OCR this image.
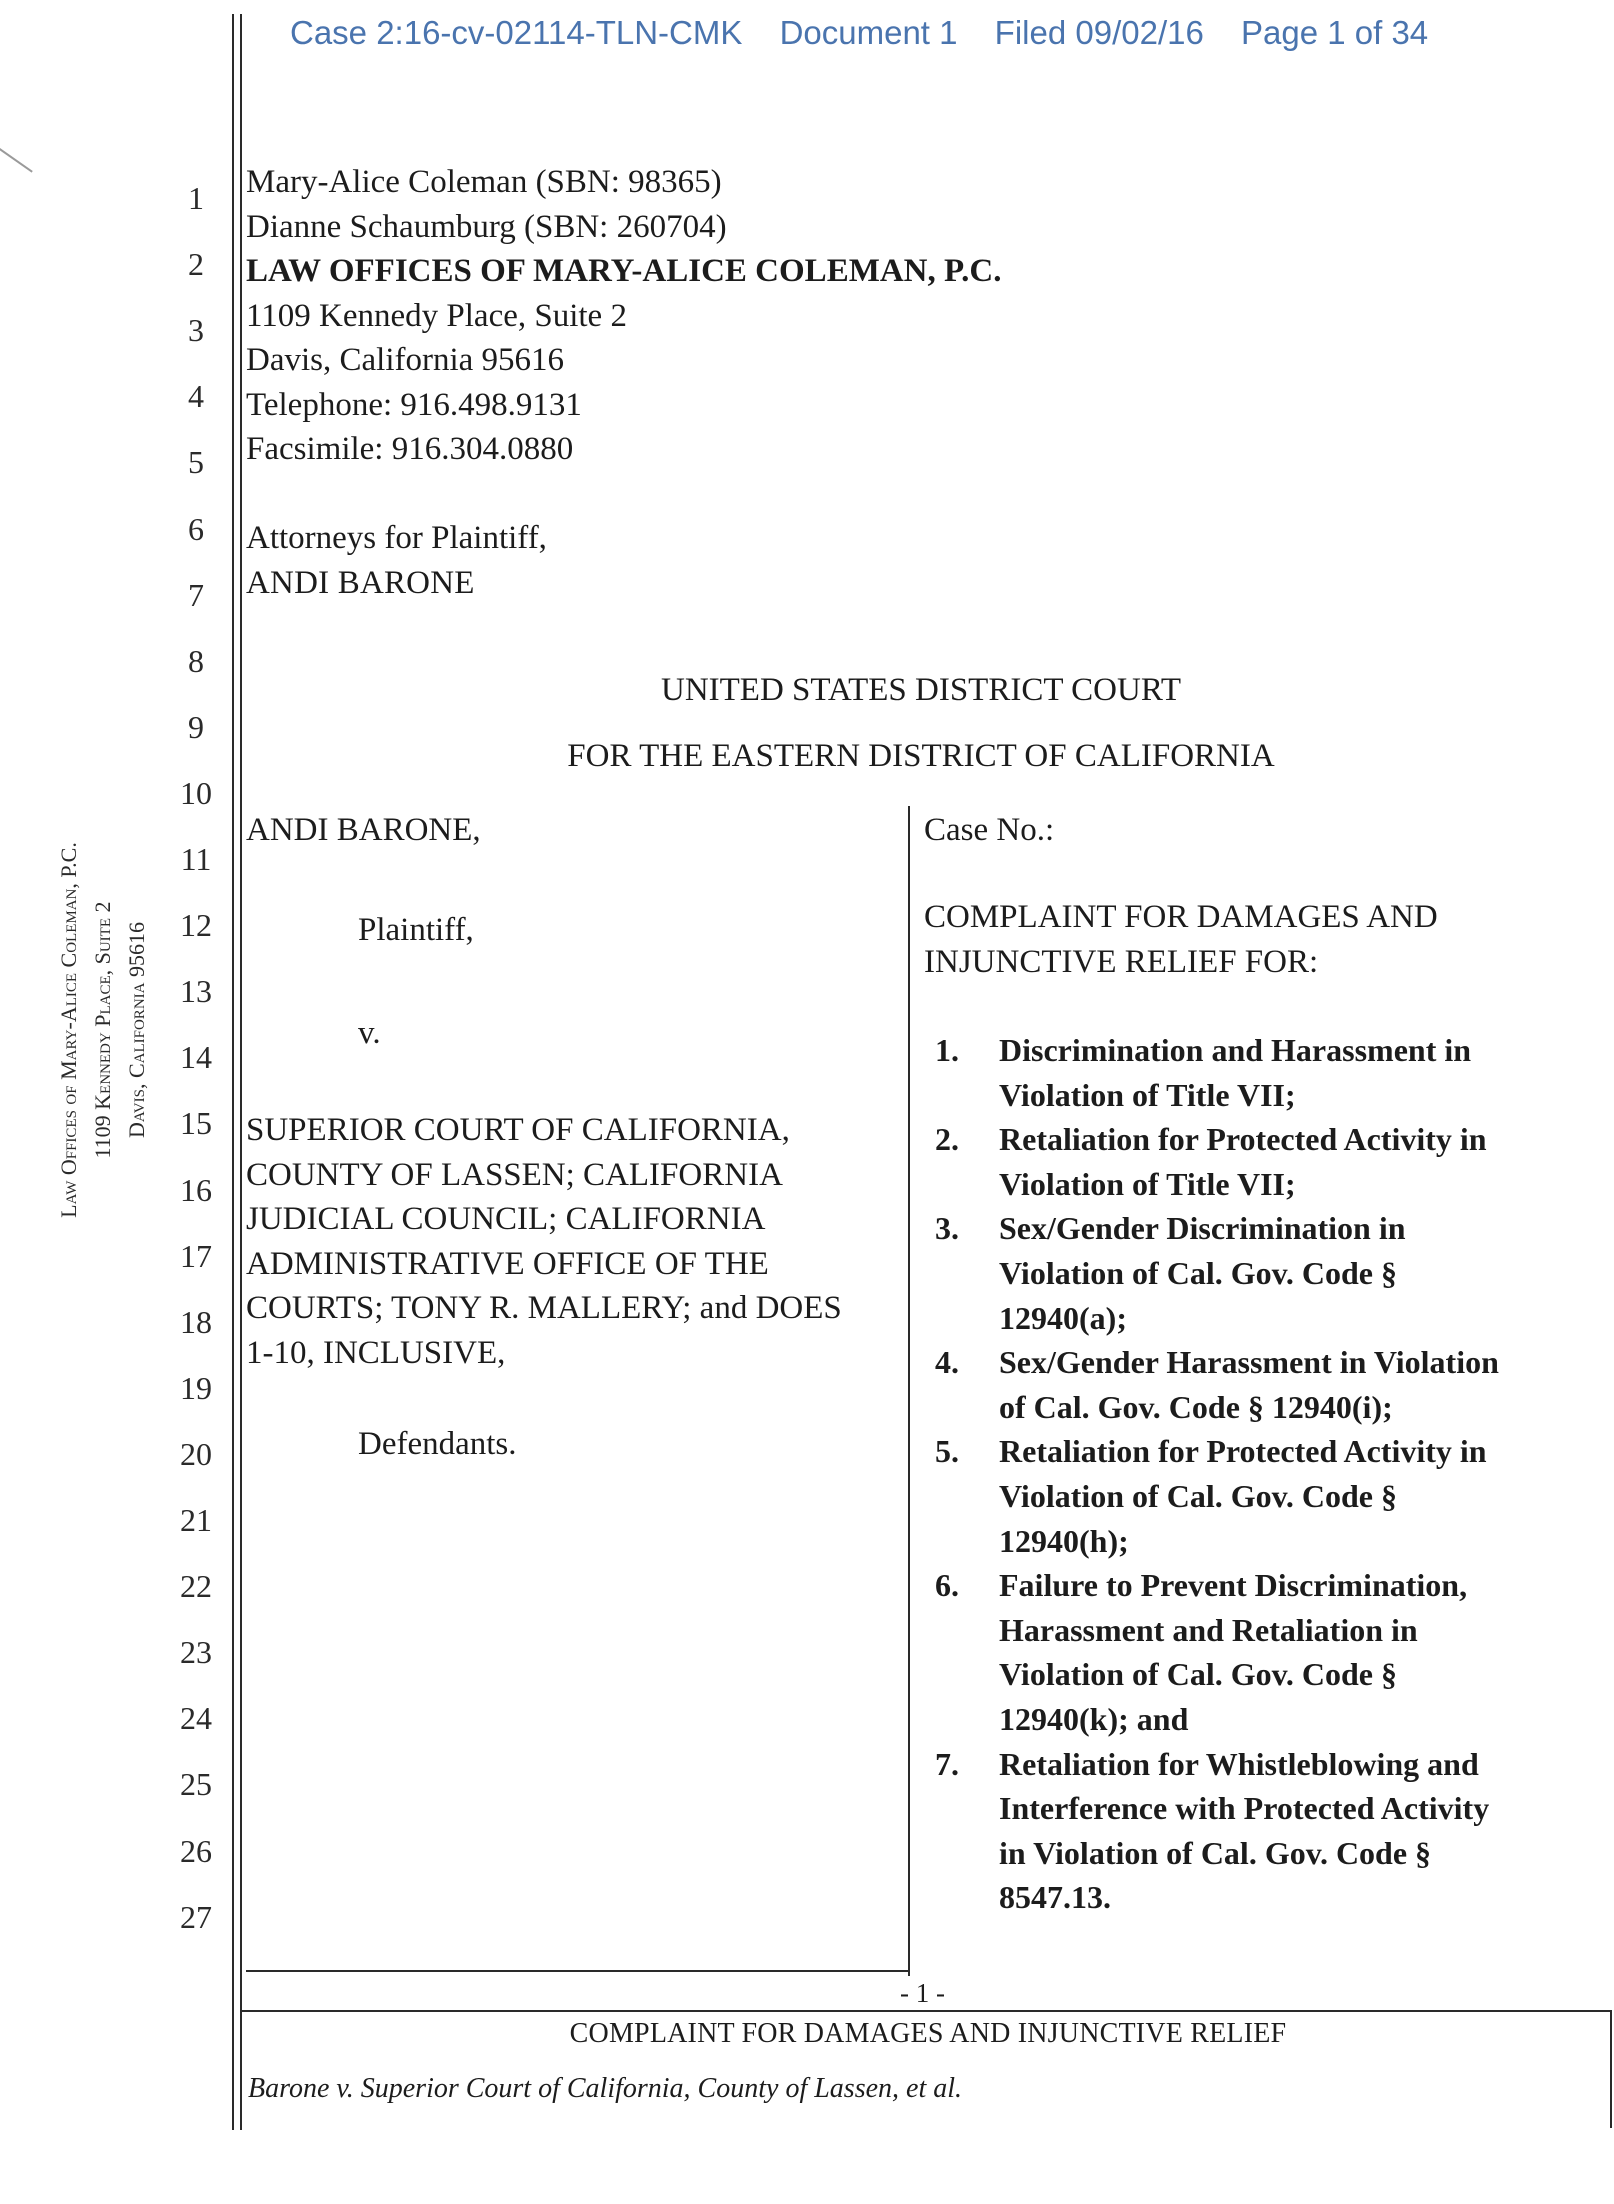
Case 2:16-cv-02114-TLN-CMK Document 1 Filed 09/02/16 Page 1 of 34
1
2
3
4
5
6
7
8
9
10
11
12
13
14
15
16
17
18
19
20
21
22
23
24
25
26
27
Law Offices of Mary-Alice Coleman, P.C. 1109 Kennedy Place, Suite 2 Davis, California 95616
Mary-Alice Coleman (SBN: 98365)
Dianne Schaumburg (SBN: 260704)
LAW OFFICES OF MARY-ALICE COLEMAN, P.C.
1109 Kennedy Place, Suite 2
Davis, California 95616
Telephone: 916.498.9131
Facsimile: 916.304.0880
Attorneys for Plaintiff,
ANDI BARONE
UNITED STATES DISTRICT COURT
FOR THE EASTERN DISTRICT OF CALIFORNIA
ANDI BARONE,
Plaintiff,
v.
SUPERIOR COURT OF CALIFORNIA,
COUNTY OF LASSEN; CALIFORNIA
JUDICIAL COUNCIL; CALIFORNIA
ADMINISTRATIVE OFFICE OF THE
COURTS; TONY R. MALLERY; and DOES
1-10, INCLUSIVE,
Defendants.
Case No.:
COMPLAINT FOR DAMAGES AND
INJUNCTIVE RELIEF FOR:
1. Discrimination and Harassment in
Violation of Title VII;
2. Retaliation for Protected Activity in
Violation of Title VII;
3. Sex/Gender Discrimination in
Violation of Cal. Gov. Code §
12940(a);
4. Sex/Gender Harassment in Violation
of Cal. Gov. Code § 12940(i);
5. Retaliation for Protected Activity in
Violation of Cal. Gov. Code §
12940(h);
6. Failure to Prevent Discrimination,
Harassment and Retaliation in
Violation of Cal. Gov. Code §
12940(k); and
7. Retaliation for Whistleblowing and
Interference with Protected Activity
in Violation of Cal. Gov. Code §
8547.13.
- 1 -
COMPLAINT FOR DAMAGES AND INJUNCTIVE RELIEF
Barone v. Superior Court of California, County of Lassen, et al.
